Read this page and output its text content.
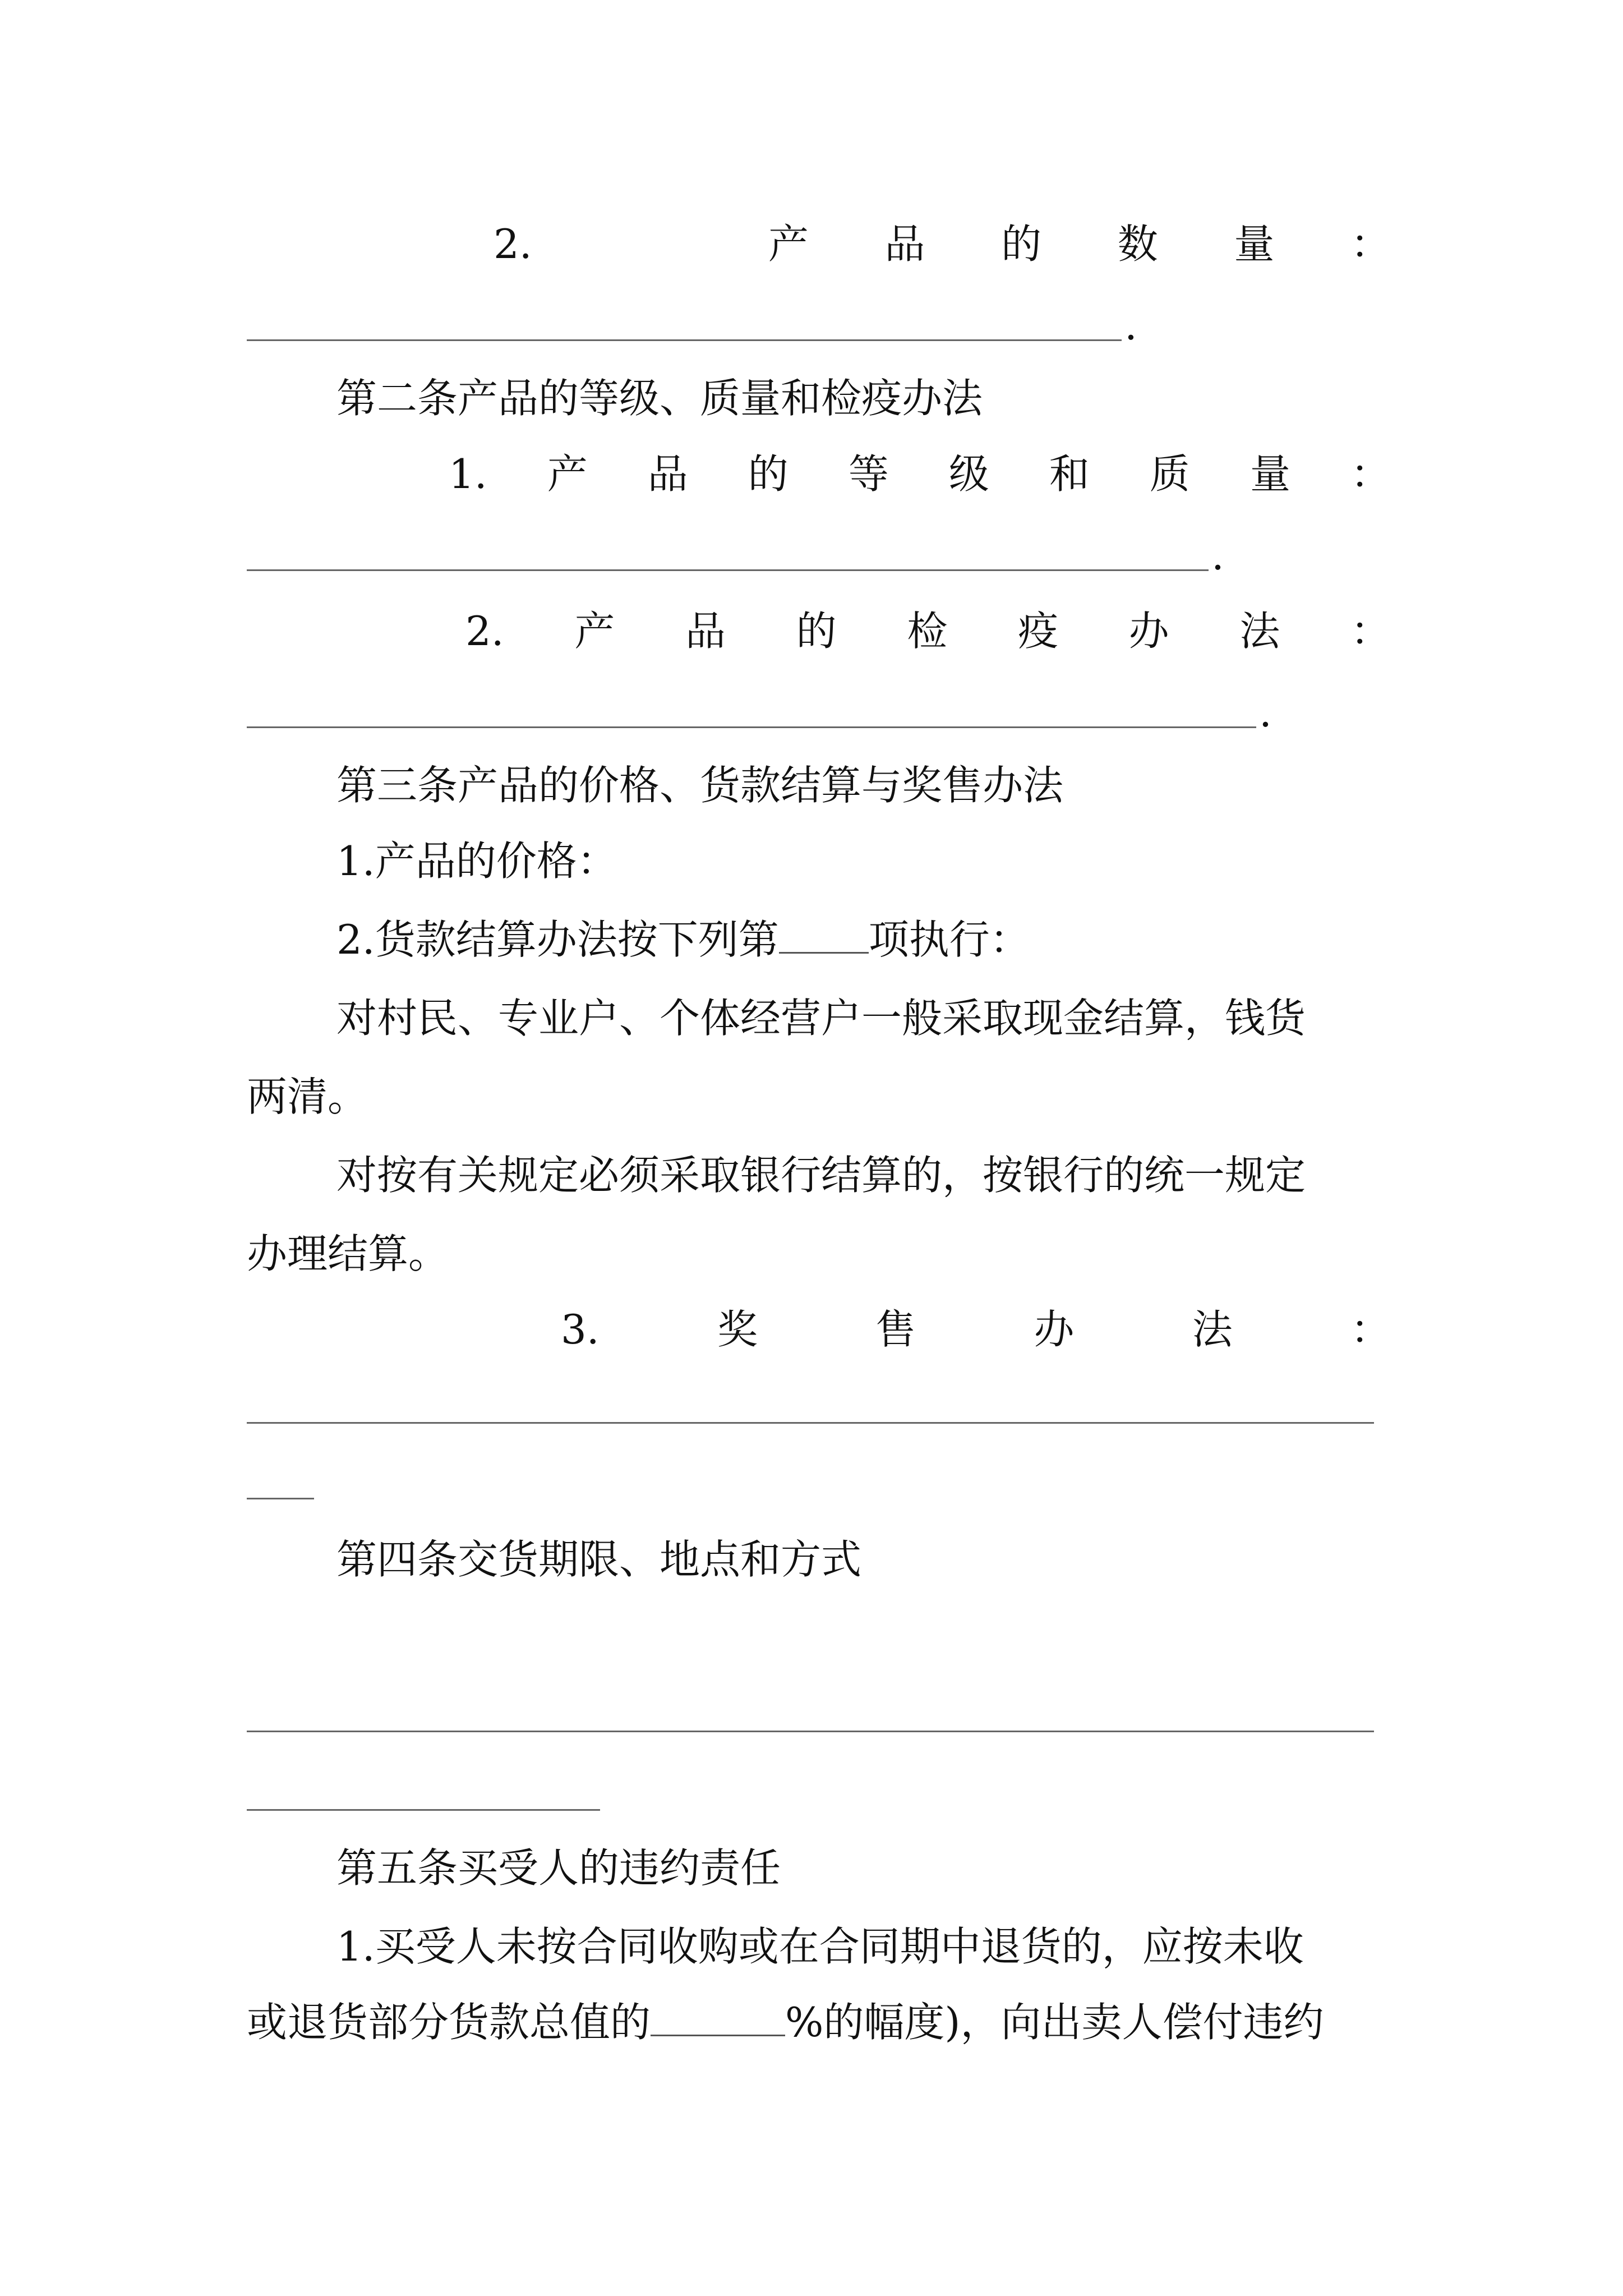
2.	产 品 的 数 量 ：
.
第二条产品的等级、质量和检疫办法
1. 产 品 的 等 级 和 质 量 ：
.
2. 产 品 的 检 疫 办 法 ：
.
第三条产品的价格、货款结算与奖售办法
1.产品的价格：
2.货款结算办法按下列第 项执行：
对村民、专业户、个体经营户一般采取现金结算，钱货
两清。
对按有关规定必须采取银行结算的，按银行的统一规定
办理结算。
3.	奖	售	办	法	：
第四条交货期限、地点和方式
第五条买受人的违约责任
1.买受人未按合同收购或在合同期中退货的，应按未收
或退货部分货款总值的	%的幅度)，向出卖人偿付违约
